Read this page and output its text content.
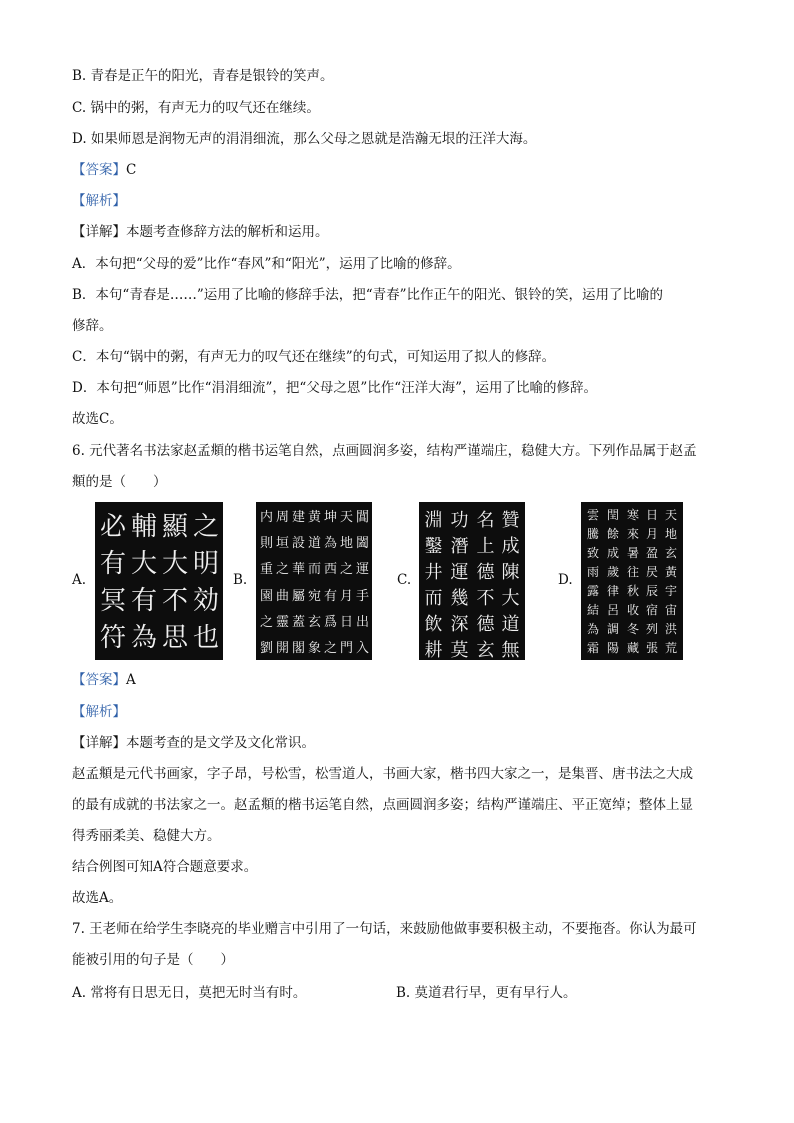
B. 青春是正午的阳光，青春是银铃的笑声。
C. 锅中的粥，有声无力的叹气还在继续。
D. 如果师恩是润物无声的涓涓细流，那么父母之恩就是浩瀚无垠的汪洋大海。
【答案】C
【解析】
【详解】本题考查修辞方法的解析和运用。
A．本句把“父母的爱”比作“春风”和“阳光”，运用了比喻的修辞。
B．本句“青春是……”运用了比喻的修辞手法，把“青春”比作正午的阳光、银铃的笑，运用了比喻的
修辞。
C．本句“锅中的粥，有声无力的叹气还在继续”的句式，可知运用了拟人的修辞。
D．本句把“师恩”比作“涓涓细流”，把“父母之恩”比作“汪洋大海”，运用了比喻的修辞。
故选C。
6. 元代著名书法家赵孟頫的楷书运笔自然，点画圆润多姿，结构严谨端庄，稳健大方。下列作品属于赵孟
頫的是（　　）
A.
必
有
冥
符
輔
大
有
為
顯
大
不
思
之
明
効
也
B.
内
則
重
園
之
劉
周
垣
之
曲
靈
開
建
設
華
屬
蓋
閣
黄
道
而
宛
玄
象
坤
為
西
有
爲
之
天
地
之
月
日
門
閶
闔
運
手
出
入
C.
淵
鑿
井
而
飲
耕
功
潛
運
幾
深
莫
名
上
德
不
德
玄
贊
成
陳
大
道
無
D.
雲
騰
致
雨
露
結
為
霜
閏
餘
成
歲
律
呂
調
陽
寒
來
暑
往
秋
收
冬
藏
日
月
盈
昃
辰
宿
列
張
天
地
玄
黃
宇
宙
洪
荒
【答案】A
【解析】
【详解】本题考查的是文学及文化常识。
赵孟頫是元代书画家，字子昂，号松雪，松雪道人，书画大家，楷书四大家之一，是集晋、唐书法之大成
的最有成就的书法家之一。赵孟頫的楷书运笔自然，点画圆润多姿；结构严谨端庄、平正宽绰；整体上显
得秀丽柔美、稳健大方。
结合例图可知A符合题意要求。
故选A。
7. 王老师在给学生李晓亮的毕业赠言中引用了一句话，来鼓励他做事要积极主动，不要拖沓。你认为最可
能被引用的句子是（　　）
A. 常将有日思无日，莫把无时当有时。	B. 莫道君行早，更有早行人。
